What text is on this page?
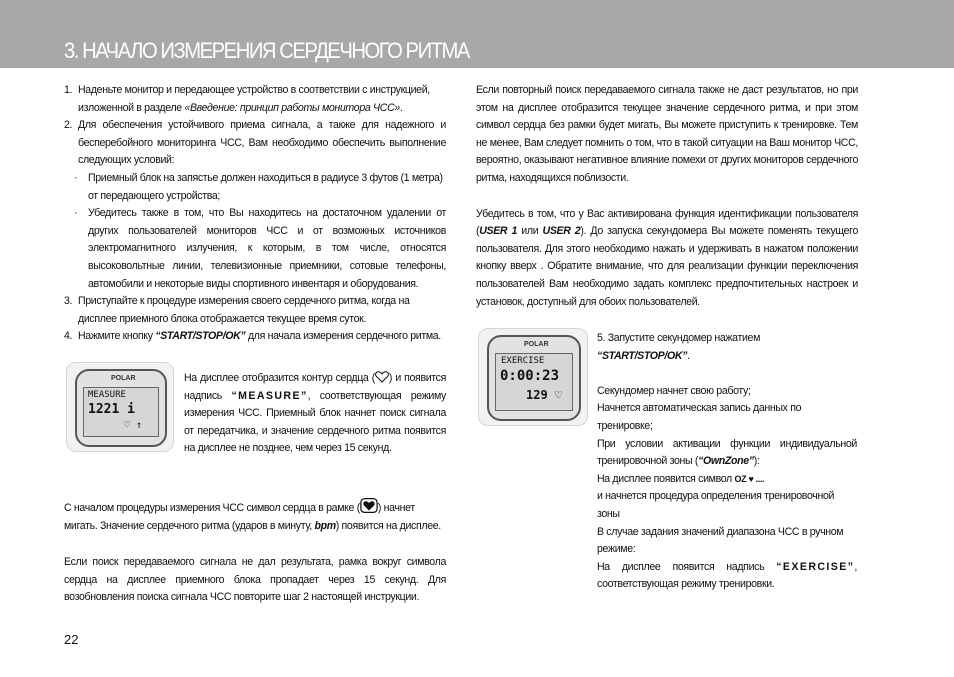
3. НАЧАЛО ИЗМЕРЕНИЯ СЕРДЕЧНОГО РИТМА

1. Наденьте монитор и передающее устройство в соответствии с инструкцией, изложенной в разделе «Введение: принцип работы монитора ЧСС».

2. Для обеспечения устойчивого приема сигнала, а также для надежного и бесперебойного мониторинга ЧСС, Вам необходимо обеспечить выполнение следующих условий:

· Приемный блок на запястье должен находиться в радиусе 3 футов (1 метра) от передающего устройства;

· Убедитесь также в том, что Вы находитесь на достаточном удалении от других пользователей мониторов ЧСС и от возможных источников электромагнитного излучения, к которым, в том числе, относятся высоковольтные линии, телевизионные приемники, сотовые телефоны, автомобили и некоторые виды спортивного инвентаря и оборудования.

3. Приступайте к процедуре измерения своего сердечного ритма, когда на дисплее приемного блока отображается текущее время суток.

4. Нажмите кнопку “START/STOP/OK” для начала измерения сердечного ритма.

POLAR
MEASURE
1221 i
♡ ↑
На дисплее отобразится контур сердца ( ) и появится надпись “MEASURE”, соответствующая режиму измерения ЧСС. Приемный блок начнет поиск сигнала от передатчика, и значение сердечного ритма появится на дисплее не позднее, чем через 15 секунд.
С началом процедуры измерения ЧСС символ сердца в рамке ( ) начнет мигать. Значение сердечного ритма (ударов в минуту, bpm) появится на дисплее.
Если поиск передаваемого сигнала не дал результата, рамка вокруг символа сердца на дисплее приемного блока пропадает через 15 секунд. Для возобновления поиска сигнала ЧСС повторите шаг 2 настоящей инструкции.

Если повторный поиск передаваемого сигнала также не даст результатов, но при этом на дисплее отобразится текущее значение сердечного ритма, и при этом символ сердца без рамки будет мигать, Вы можете приступить к тренировке. Тем не менее, Вам следует помнить о том, что в такой ситуации на Ваш монитор ЧСС, вероятно, оказывают негативное влияние помехи от других мониторов сердечного ритма, находящихся поблизости.

Убедитесь в том, что у Вас активирована функция идентификации пользователя (USER 1 или USER 2). До запуска секундомера Вы можете поменять текущего пользователя. Для этого необходимо нажать и удерживать в нажатом положении кнопку вверх . Обратите внимание, что для реализации функции переключения пользователей Вам необходимо задать комплекс предпочтительных настроек и установок, доступный для обоих пользователей.

POLAR
EXERCISE
0:00:23
129 ♡
5. Запустите секундомер нажатием
“START/STOP/OK”.
Секундомер начнет свою работу;
Начнется автоматическая запись данных по тренировке;
При условии активации функции индивидуальной тренировочной зоны (“OwnZone”):
На дисплее появится символ OZ ♥ ....
и начнется процедура определения тренировочной зоны
В случае задания значений диапазона ЧСС в ручном режиме:
На дисплее появится надпись “EXERCISE”, соответствующая режиму тренировки.
22
